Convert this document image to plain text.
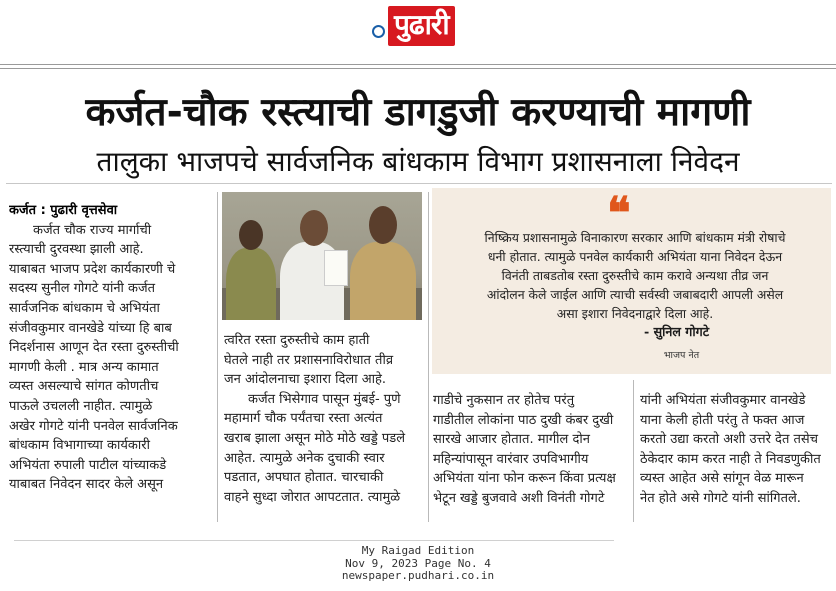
पुढारी
कर्जत-चौक रस्त्याची डागडुजी करण्याची मागणी
तालुका भाजपचे सार्वजनिक बांधकाम विभाग प्रशासनाला निवेदन
कर्जत : पुढारी वृत्तसेवा
कर्जत चौक राज्य मार्गाची
रस्त्याची दुरवस्था झाली आहे.
याबाबत भाजप प्रदेश कार्यकारणी चे
सदस्य सुनील गोगटे यांनी कर्जत
सार्वजनिक बांधकाम चे अभियंता
संजीवकुमार वानखेडे यांच्या हि बाब
निदर्शनास आणून देत रस्ता दुरुस्तीची
मागणी केली . मात्र अन्य कामात
व्यस्त असल्याचे सांगत कोणतीच
पाऊले उचलली नाहीत. त्यामुळे
अखेर गोगटे यांनी पनवेल सार्वजनिक
बांधकाम विभागाच्या कार्यकारी
अभियंता रुपाली पाटील यांच्याकडे
याबाबत निवेदन सादर केले असून
त्वरित रस्ता दुरुस्तीचे काम हाती
घेतले नाही तर प्रशासनाविरोधात तीव्र
जन आंदोलनाचा इशारा दिला आहे.
कर्जत भिसेगाव पासून मुंबई- पुणे
महामार्ग चौक पर्यंतचा रस्ता अत्यंत
खराब झाला असून मोठे मोठे खड्डे पडले
आहेत. त्यामुळे अनेक दुचाकी स्वार
पडतात, अपघात होतात. चारचाकी
वाहने सुध्दा जोरात आपटतात. त्यामुळे
❝
निष्क्रिय प्रशासनामुळे विनाकारण सरकार आणि बांधकाम मंत्री रोषाचे
धनी होतात. त्यामुळे पनवेल कार्यकारी अभियंता याना निवेदन देऊन
विनंती ताबडतोब रस्ता दुरुस्तीचे काम करावे अन्यथा तीव्र जन
आंदोलन केले जाईल आणि त्याची सर्वस्वी जबाबदारी आपली असेल
असा इशारा निवेदनाद्वारे दिला आहे.
- सुनिल गोगटे
भाजप नेत
गाडीचे नुकसान तर होतेच परंतु
गाडीतील लोकांना पाठ दुखी कंबर दुखी
सारखे आजार होतात. मागील दोन
महिन्यांपासून वारंवार उपविभागीय
अभियंता यांना फोन करून किंवा प्रत्यक्ष
भेटून खड्डे बुजवावे अशी विनंती गोगटे
यांनी अभियंता संजीवकुमार वानखेडे
याना केली होती परंतु ते फक्त आज
करतो उद्या करतो अशी उत्तरे देत तसेच
ठेकेदार काम करत नाही ते निवडणुकीत
व्यस्त आहेत असे सांगून वेळ मारून
नेत होते असे गोगटे यांनी सांगितले.
My Raigad Edition
Nov 9, 2023 Page No. 4
newspaper.pudhari.co.in
